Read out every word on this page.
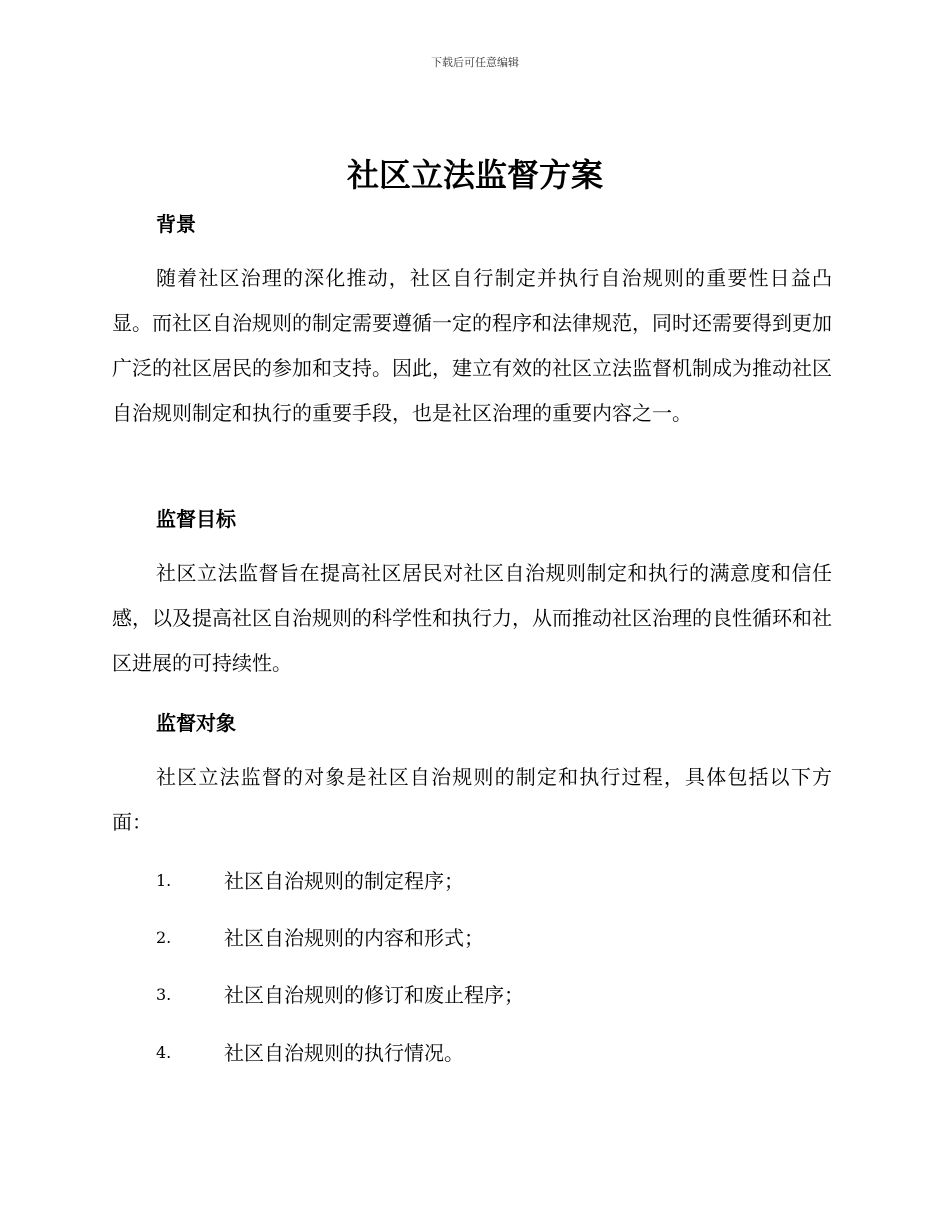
下载后可任意编辑
社区立法监督方案
背景

随着社区治理的深化推动，社区自行制定并执行自治规则的重要性日益凸显。而社区自治规则的制定需要遵循一定的程序和法律规范，同时还需要得到更加广泛的社区居民的参加和支持。因此，建立有效的社区立法监督机制成为推动社区自治规则制定和执行的重要手段，也是社区治理的重要内容之一。

监督目标

社区立法监督旨在提高社区居民对社区自治规则制定和执行的满意度和信任感，以及提高社区自治规则的科学性和执行力，从而推动社区治理的良性循环和社区进展的可持续性。

监督对象

社区立法监督的对象是社区自治规则的制定和执行过程，具体包括以下方面：

1.	社区自治规则的制定程序；
2.	社区自治规则的内容和形式；
3.	社区自治规则的修订和废止程序；
4.	社区自治规则的执行情况。
